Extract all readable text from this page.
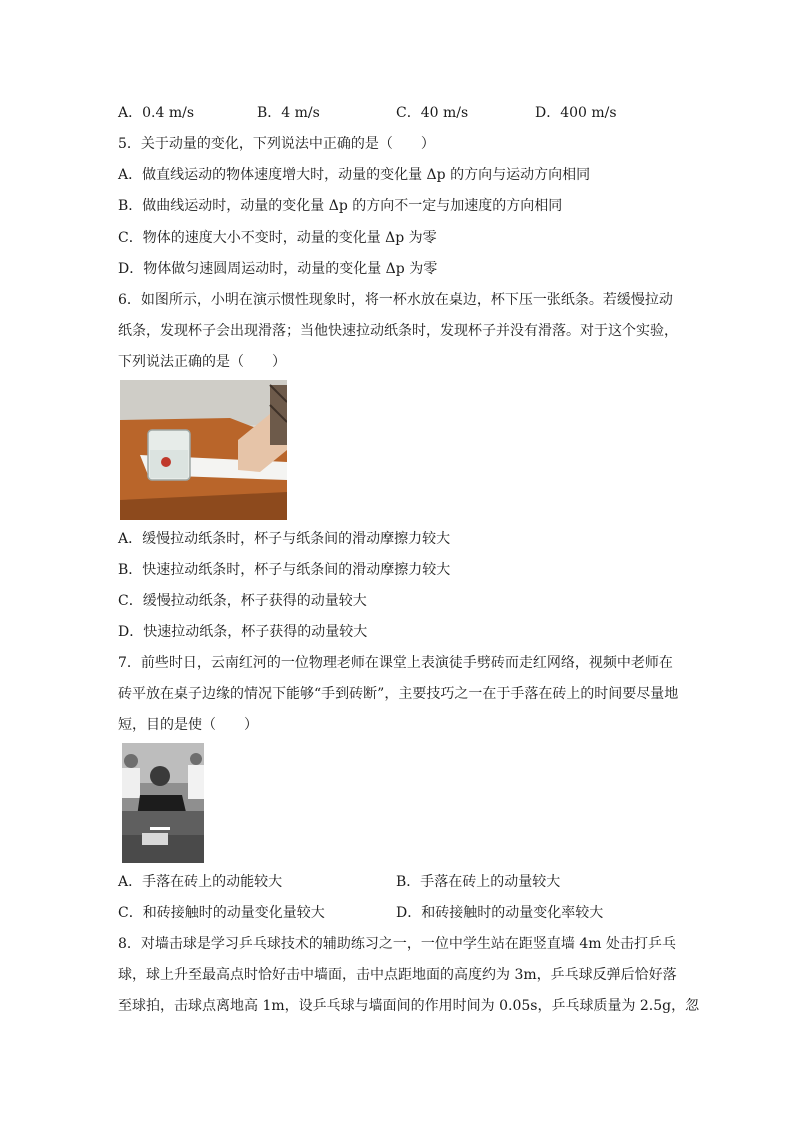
A．0.4 m/s	B．4 m/s	C．40 m/s	D．400 m/s
5．关于动量的变化，下列说法中正确的是（　　）
A．做直线运动的物体速度增大时，动量的变化量 Δp 的方向与运动方向相同
B．做曲线运动时，动量的变化量 Δp 的方向不一定与加速度的方向相同
C．物体的速度大小不变时，动量的变化量 Δp 为零
D．物体做匀速圆周运动时，动量的变化量 Δp 为零
6．如图所示，小明在演示惯性现象时，将一杯水放在桌边，杯下压一张纸条。若缓慢拉动
纸条，发现杯子会出现滑落；当他快速拉动纸条时，发现杯子并没有滑落。对于这个实验，
下列说法正确的是（　　）
A．缓慢拉动纸条时，杯子与纸条间的滑动摩擦力较大
B．快速拉动纸条时，杯子与纸条间的滑动摩擦力较大
C．缓慢拉动纸条，杯子获得的动量较大
D．快速拉动纸条，杯子获得的动量较大
7．前些时日，云南红河的一位物理老师在课堂上表演徒手劈砖而走红网络，视频中老师在
砖平放在桌子边缘的情况下能够“手到砖断”，主要技巧之一在于手落在砖上的时间要尽量地
短，目的是使（　　）
A．手落在砖上的动能较大	B．手落在砖上的动量较大
C．和砖接触时的动量变化量较大	D．和砖接触时的动量变化率较大
8．对墙击球是学习乒乓球技术的辅助练习之一，一位中学生站在距竖直墙 4m 处击打乒乓
球，球上升至最高点时恰好击中墙面，击中点距地面的高度约为 3m，乒乓球反弹后恰好落
至球拍，击球点离地高 1m，设乒乓球与墙面间的作用时间为 0.05s，乒乓球质量为 2.5g，忽
